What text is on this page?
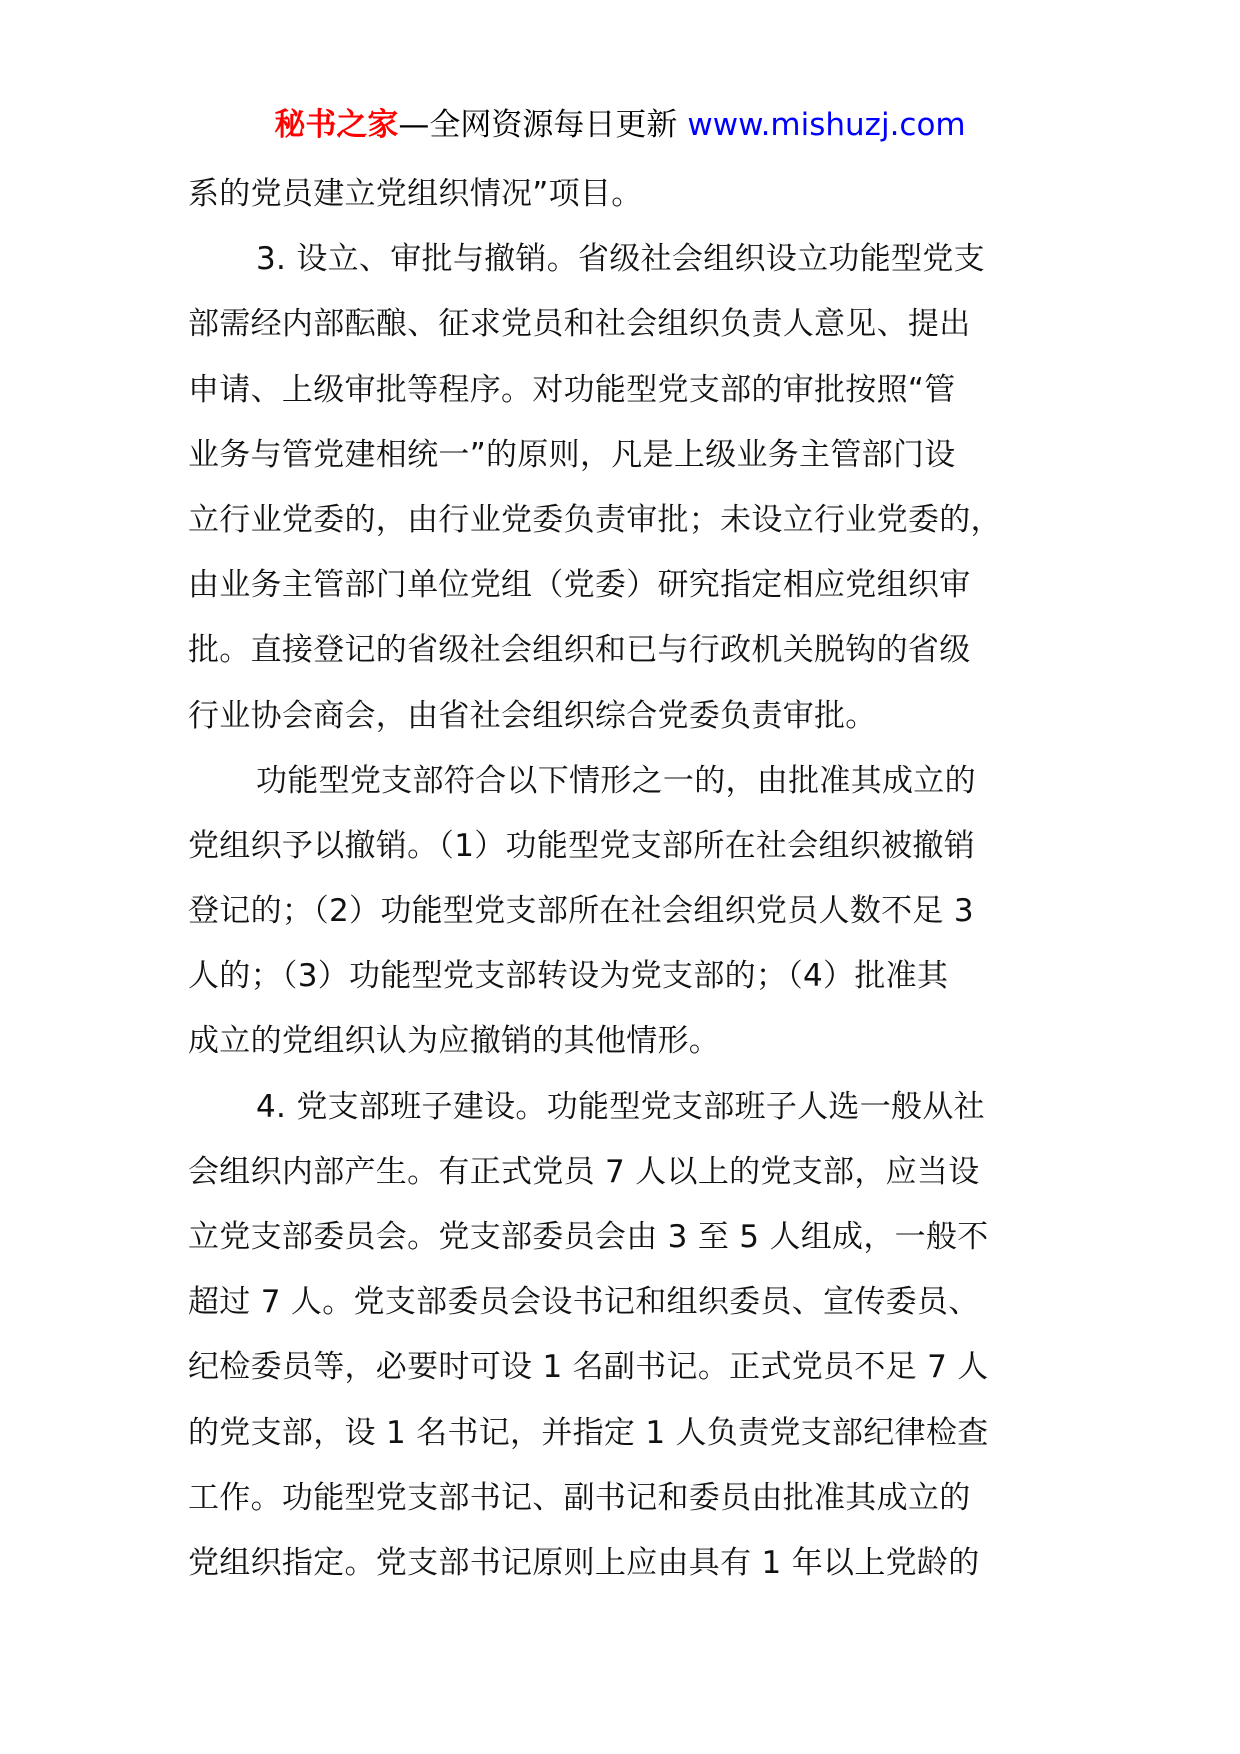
秘书之家—全网资源每日更新 www.mishuzj.com
系的党员建立党组织情况”项目。
3. 设立、审批与撤销。省级社会组织设立功能型党支
部需经内部酝酿、征求党员和社会组织负责人意见、提出
申请、上级审批等程序。对功能型党支部的审批按照“管
业务与管党建相统一”的原则，凡是上级业务主管部门设
立行业党委的，由行业党委负责审批；未设立行业党委的，
由业务主管部门单位党组（党委）研究指定相应党组织审
批。直接登记的省级社会组织和已与行政机关脱钩的省级
行业协会商会，由省社会组织综合党委负责审批。
功能型党支部符合以下情形之一的，由批准其成立的
党组织予以撤销。（1）功能型党支部所在社会组织被撤销
登记的；（2）功能型党支部所在社会组织党员人数不足 3
人的；（3）功能型党支部转设为党支部的；（4）批准其
成立的党组织认为应撤销的其他情形。
4. 党支部班子建设。功能型党支部班子人选一般从社
会组织内部产生。有正式党员 7 人以上的党支部，应当设
立党支部委员会。党支部委员会由 3 至 5 人组成，一般不
超过 7 人。党支部委员会设书记和组织委员、宣传委员、
纪检委员等，必要时可设 1 名副书记。正式党员不足 7 人
的党支部，设 1 名书记，并指定 1 人负责党支部纪律检查
工作。功能型党支部书记、副书记和委员由批准其成立的
党组织指定。党支部书记原则上应由具有 1 年以上党龄的
